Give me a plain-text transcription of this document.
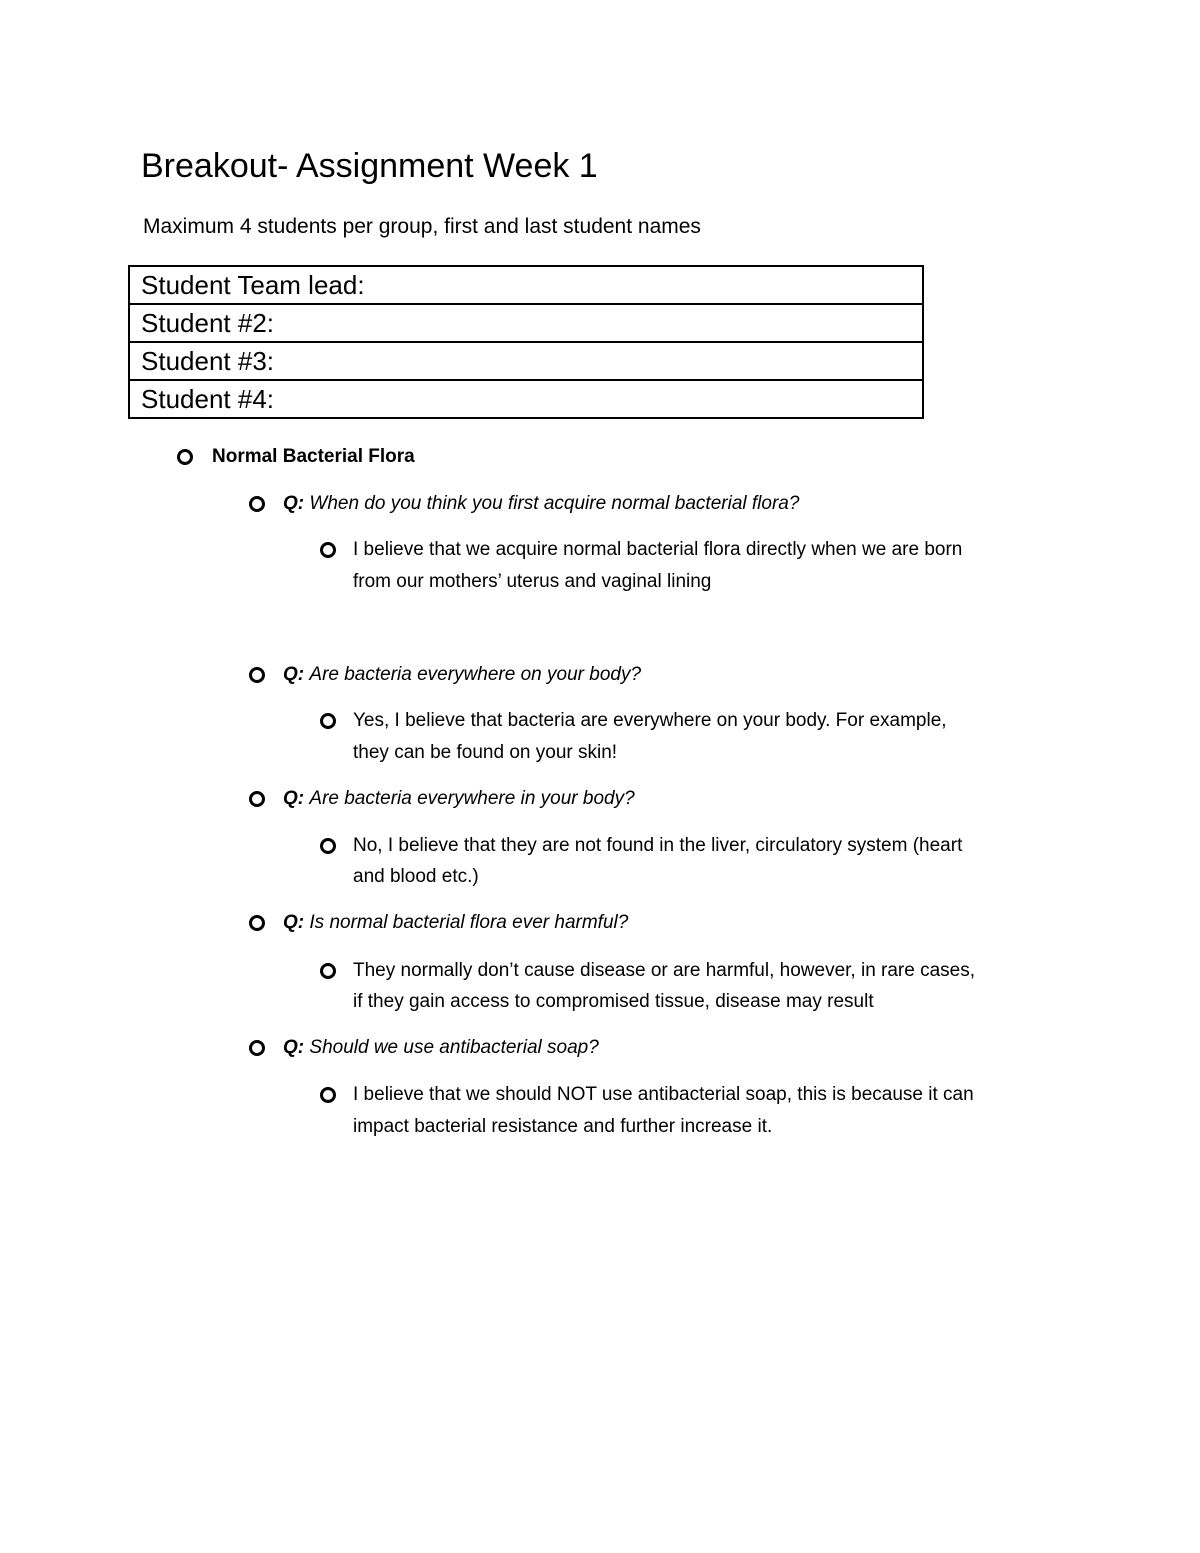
Breakout- Assignment Week 1
Maximum 4 students per group, first and last student names
Student Team lead:
Student #2:
Student #3:
Student #4:
Normal Bacterial Flora
Q: When do you think you first acquire normal bacterial flora?
I believe that we acquire normal bacterial flora directly when we are born
from our mothers’ uterus and vaginal lining
Q: Are bacteria everywhere on your body?
Yes, I believe that bacteria are everywhere on your body. For example,
they can be found on your skin!
Q: Are bacteria everywhere in your body?
No, I believe that they are not found in the liver, circulatory system (heart
and blood etc.)
Q: Is normal bacterial flora ever harmful?
They normally don’t cause disease or are harmful, however, in rare cases,
if they gain access to compromised tissue, disease may result
Q: Should we use antibacterial soap?
I believe that we should NOT use antibacterial soap, this is because it can
impact bacterial resistance and further increase it.
